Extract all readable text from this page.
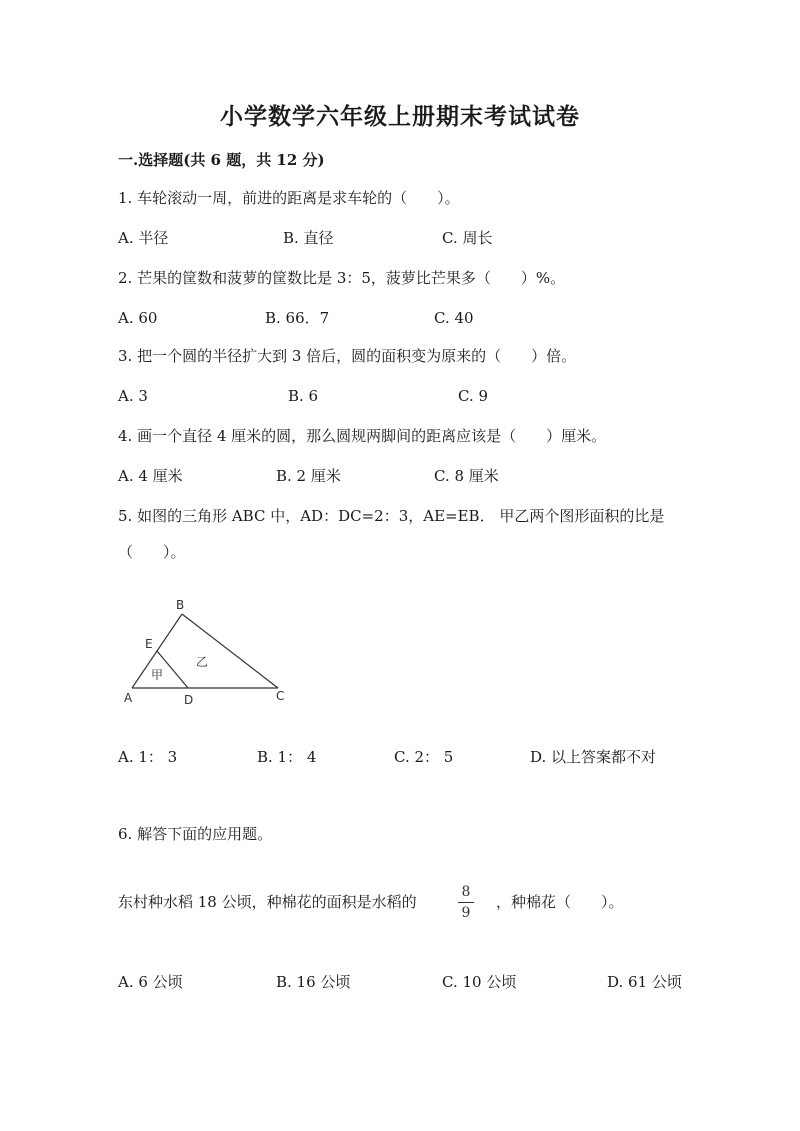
小学数学六年级上册期末考试试卷
一.选择题(共 6 题，共 12 分)
1. 车轮滚动一周，前进的距离是求车轮的（　　）。
A. 半径	B. 直径	C. 周长
2. 芒果的筐数和菠萝的筐数比是 3：5，菠萝比芒果多（　　）%。
A. 60	B. 66．7	C. 40
3. 把一个圆的半径扩大到 3 倍后，圆的面积变为原来的（　　）倍。
A. 3	B. 6	C. 9
4. 画一个直径 4 厘米的圆，那么圆规两脚间的距离应该是（　　）厘米。
A. 4 厘米	B. 2 厘米	C. 8 厘米
5. 如图的三角形 ABC 中，AD：DC=2：3，AE=EB． 甲乙两个图形面积的比是
（　　）。
B
E
A	D	C
甲
乙
A. 1： 3	B. 1： 4	C. 2： 5	D. 以上答案都不对
6. 解答下面的应用题。
东村种水稻 18 公顷，种棉花的面积是水稻的
8
9
，种棉花（　　）。
A. 6 公顷	B. 16 公顷	C. 10 公顷	D. 61 公顷
